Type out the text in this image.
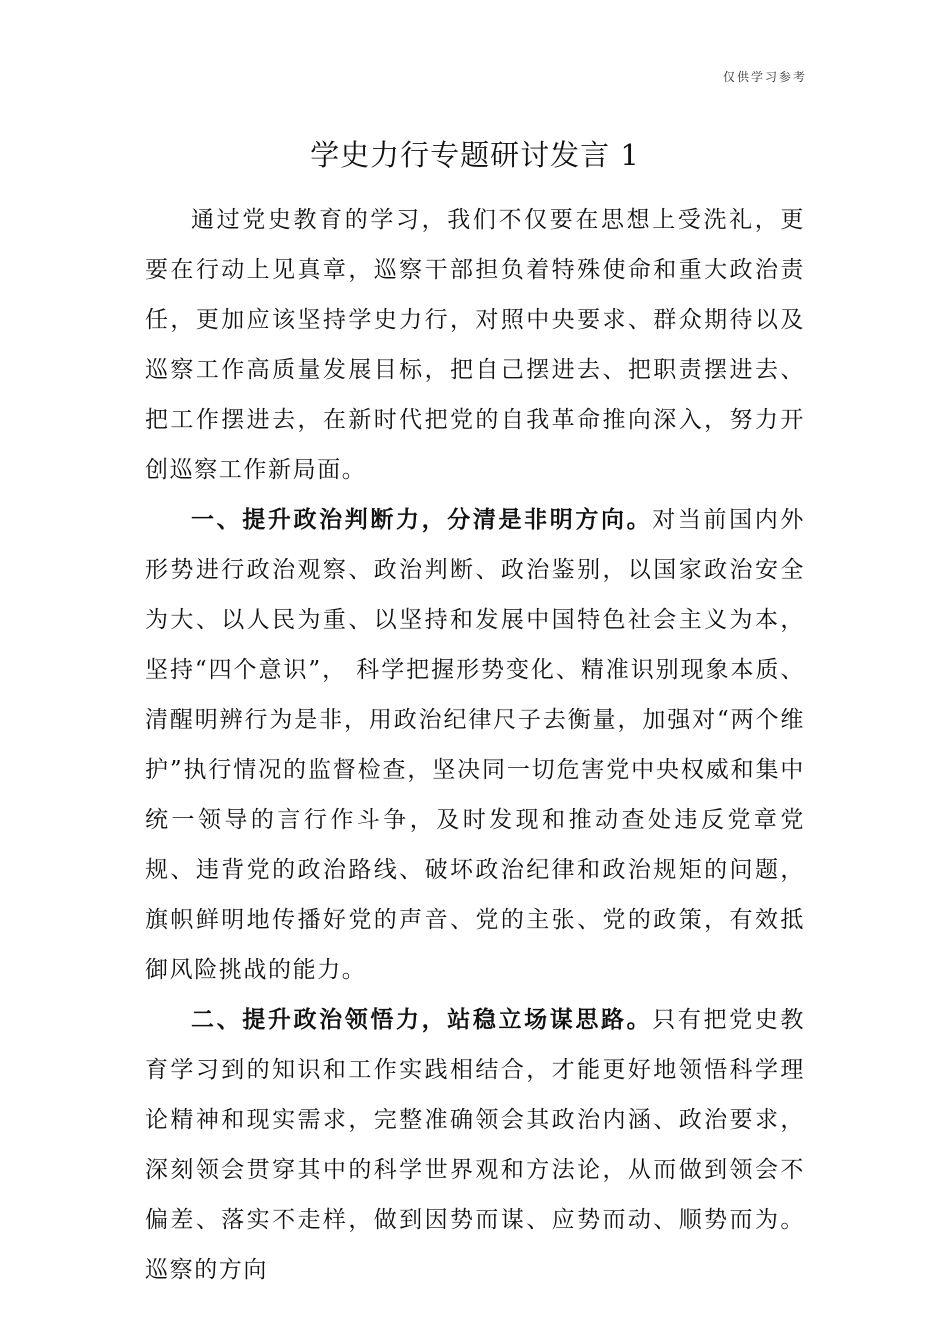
仅供学习参考
学史力行专题研讨发言 1

通过党史教育的学习，我们不仅要在思想上受洗礼，更要在行动上见真章，巡察干部担负着特殊使命和重大政治责任，更加应该坚持学史力行，对照中央要求、群众期待以及巡察工作高质量发展目标，把自己摆进去、把职责摆进去、把工作摆进去，在新时代把党的自我革命推向深入，努力开创巡察工作新局面。

一、提升政治判断力，分清是非明方向。对当前国内外形势进行政治观察、政治判断、政治鉴别，以国家政治安全为大、以人民为重、以坚持和发展中国特色社会主义为本，坚持“四个意识”， 科学把握形势变化、精准识别现象本质、清醒明辨行为是非，用政治纪律尺子去衡量，加强对“两个维护”执行情况的监督检查，坚决同一切危害党中央权威和集中统一领导的言行作斗争，及时发现和推动查处违反党章党规、违背党的政治路线、破坏政治纪律和政治规矩的问题，旗帜鲜明地传播好党的声音、党的主张、党的政策，有效抵御风险挑战的能力。

二、提升政治领悟力，站稳立场谋思路。只有把党史教育学习到的知识和工作实践相结合，才能更好地领悟科学理论精神和现实需求，完整准确领会其政治内涵、政治要求，深刻领会贯穿其中的科学世界观和方法论，从而做到领会不偏差、落实不走样，做到因势而谋、应势而动、顺势而为。巡察的方向
